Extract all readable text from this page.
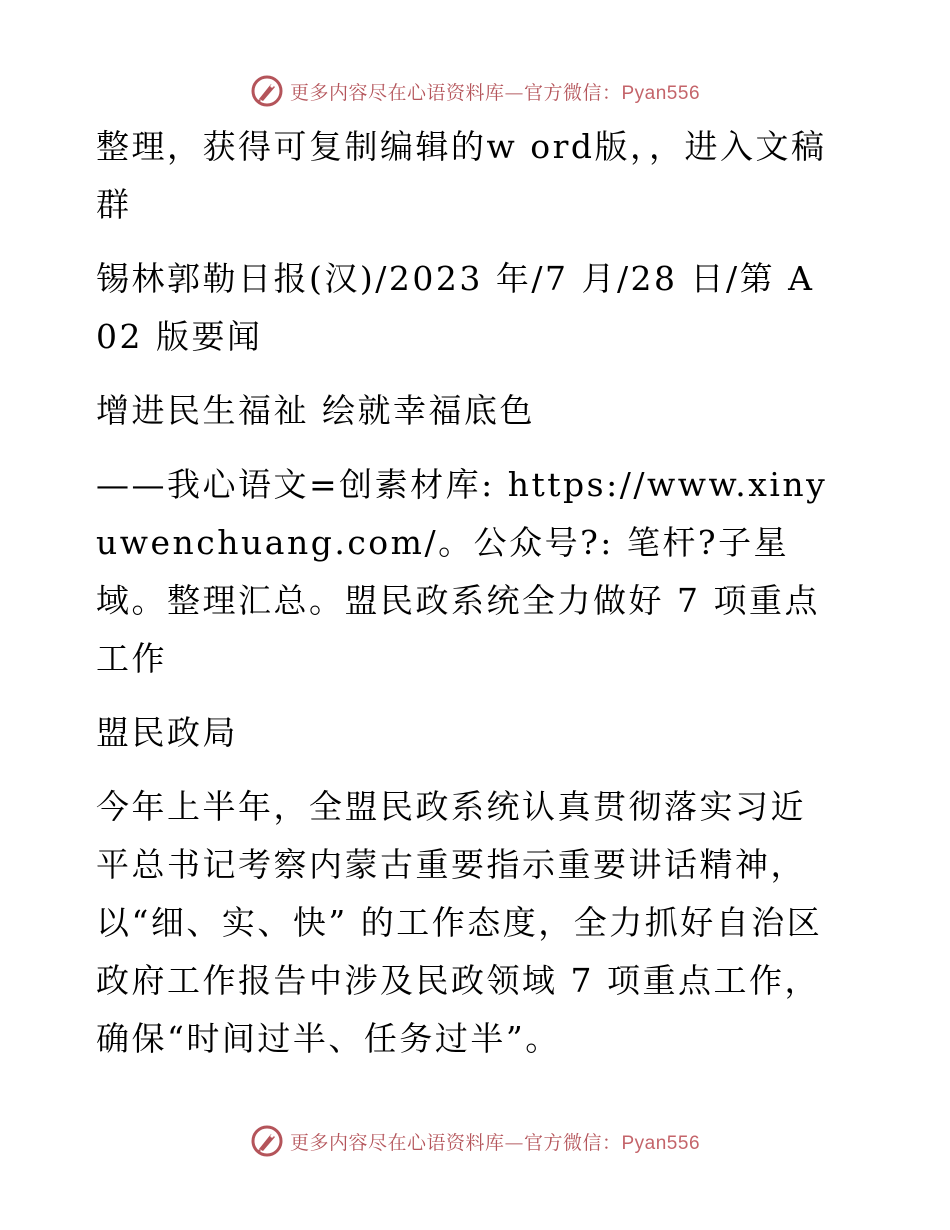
更多内容尽在心语资料库—官方微信：Pyan556

整理，获得可复制编辑的w ord版，，进入文稿群

锡林郭勒日报(汉)/2023 年/7 月/28 日/第 A02 版要闻

增进民生福祉 绘就幸福底色

——我心语文=创素材库: https://www.xinyuwenchuang.com/。公众号?: 笔杆?子星域。整理汇总。盟民政系统全力做好 7 项重点工作

盟民政局

今年上半年，全盟民政系统认真贯彻落实习近平总书记考察内蒙古重要指示重要讲话精神，以“细、实、快” 的工作态度，全力抓好自治区政府工作报告中涉及民政领域 7 项重点工作，确保“时间过半、任务过半”。

更多内容尽在心语资料库—官方微信：Pyan556
